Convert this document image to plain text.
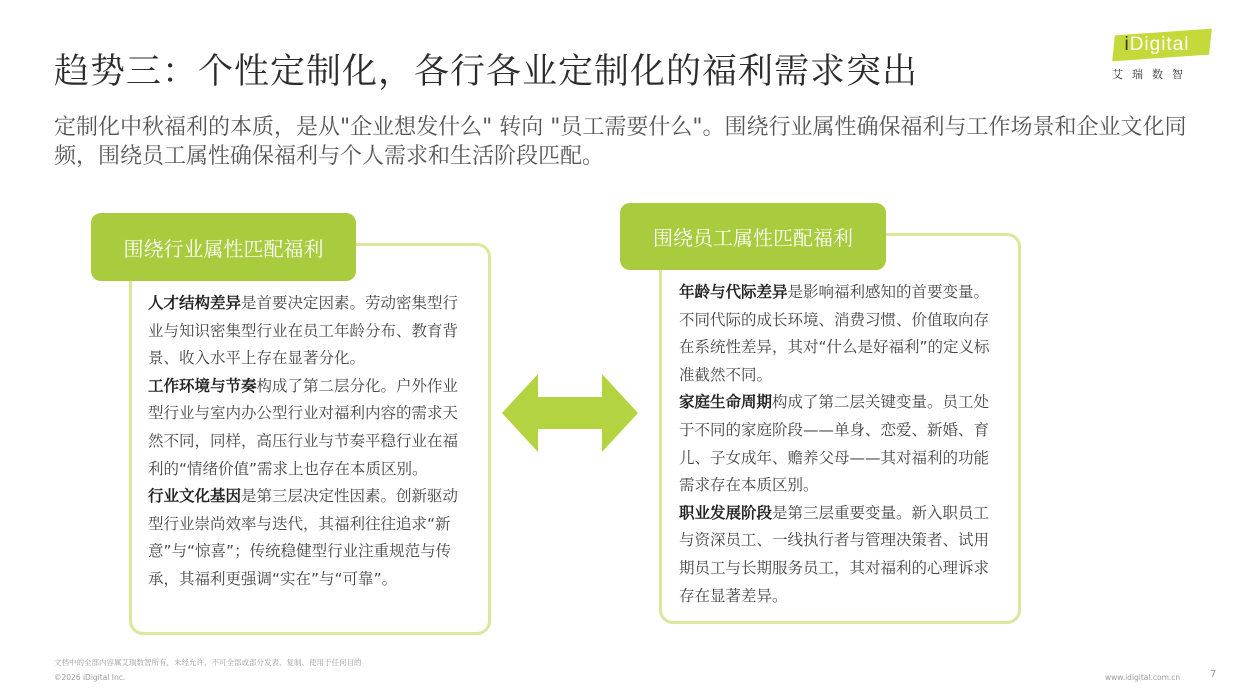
趋势三：个性定制化，各行各业定制化的福利需求突出
定制化中秋福利的本质，是从"企业想发什么" 转向 "员工需要什么"。围绕行业属性确保福利与工作场景和企业文化同频，围绕员工属性确保福利与个人需求和生活阶段匹配。
iDigital
艾瑞数智
围绕行业属性匹配福利

人才结构差异是首要决定因素。劳动密集型行业与知识密集型行业在员工年龄分布、教育背景、收入水平上存在显著分化。

工作环境与节奏构成了第二层分化。户外作业型行业与室内办公型行业对福利内容的需求天然不同，同样，高压行业与节奏平稳行业在福利的“情绪价值”需求上也存在本质区别。

行业文化基因是第三层决定性因素。创新驱动型行业崇尚效率与迭代，其福利往往追求“新意”与“惊喜”；传统稳健型行业注重规范与传承，其福利更强调“实在”与“可靠”。

围绕员工属性匹配福利

年龄与代际差异是影响福利感知的首要变量。不同代际的成长环境、消费习惯、价值取向存在系统性差异，其对“什么是好福利”的定义标准截然不同。

家庭生命周期构成了第二层关键变量。员工处于不同的家庭阶段——单身、恋爱、新婚、育儿、子女成年、赡养父母——其对福利的功能需求存在本质区别。

职业发展阶段是第三层重要变量。新入职员工与资深员工、一线执行者与管理决策者、试用期员工与长期服务员工，其对福利的心理诉求存在显著差异。

文档中的全部内容属艾瑞数智所有，未经允许，不可全部或部分发表、复制、使用于任何目的
©2026 iDigital Inc.	www.idigital.com.cn	7
